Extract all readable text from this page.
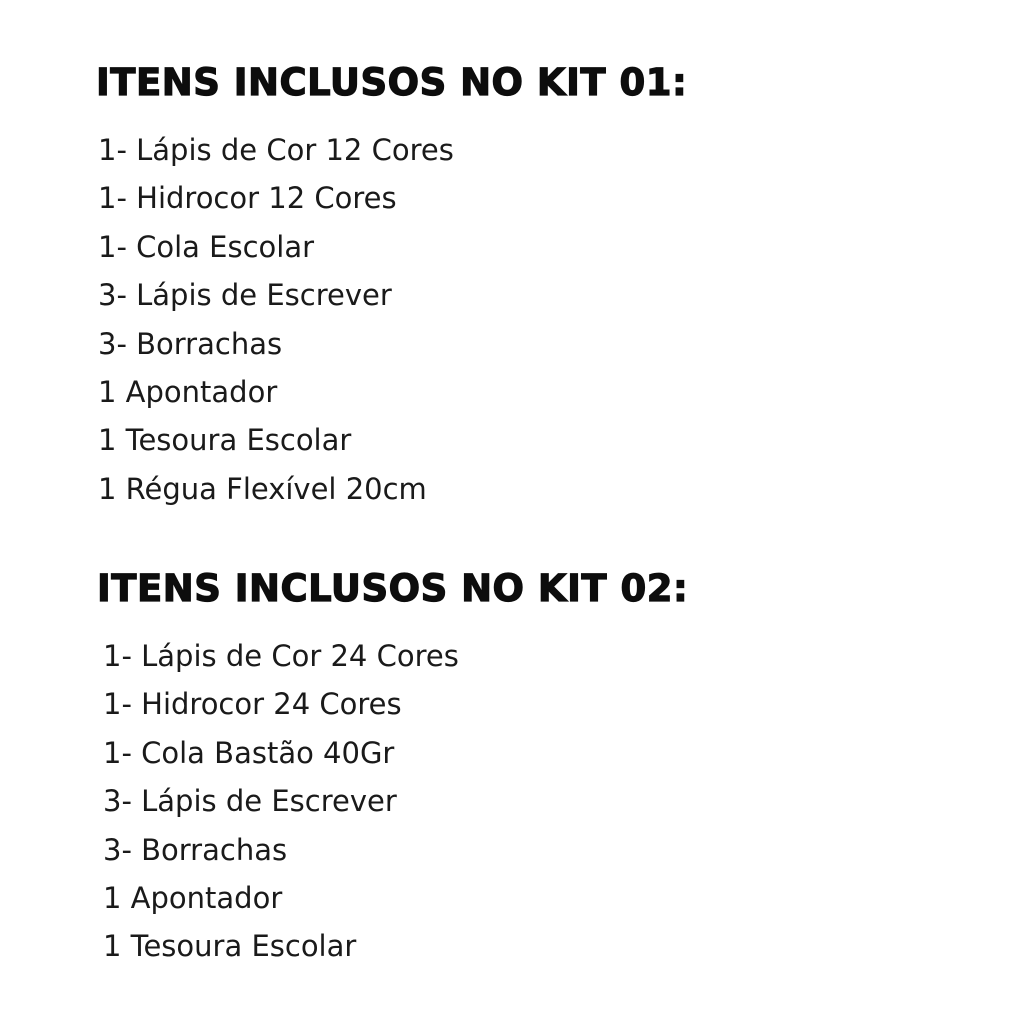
ITENS INCLUSOS NO KIT 01:
1- Lápis de Cor 12 Cores
1- Hidrocor 12 Cores
1- Cola Escolar
3- Lápis de Escrever
3- Borrachas
1 Apontador
1 Tesoura Escolar
1 Régua Flexível 20cm
ITENS INCLUSOS NO KIT 02:
1- Lápis de Cor 24 Cores
1- Hidrocor 24 Cores
1- Cola Bastão 40Gr
3- Lápis de Escrever
3- Borrachas
1 Apontador
1 Tesoura Escolar
